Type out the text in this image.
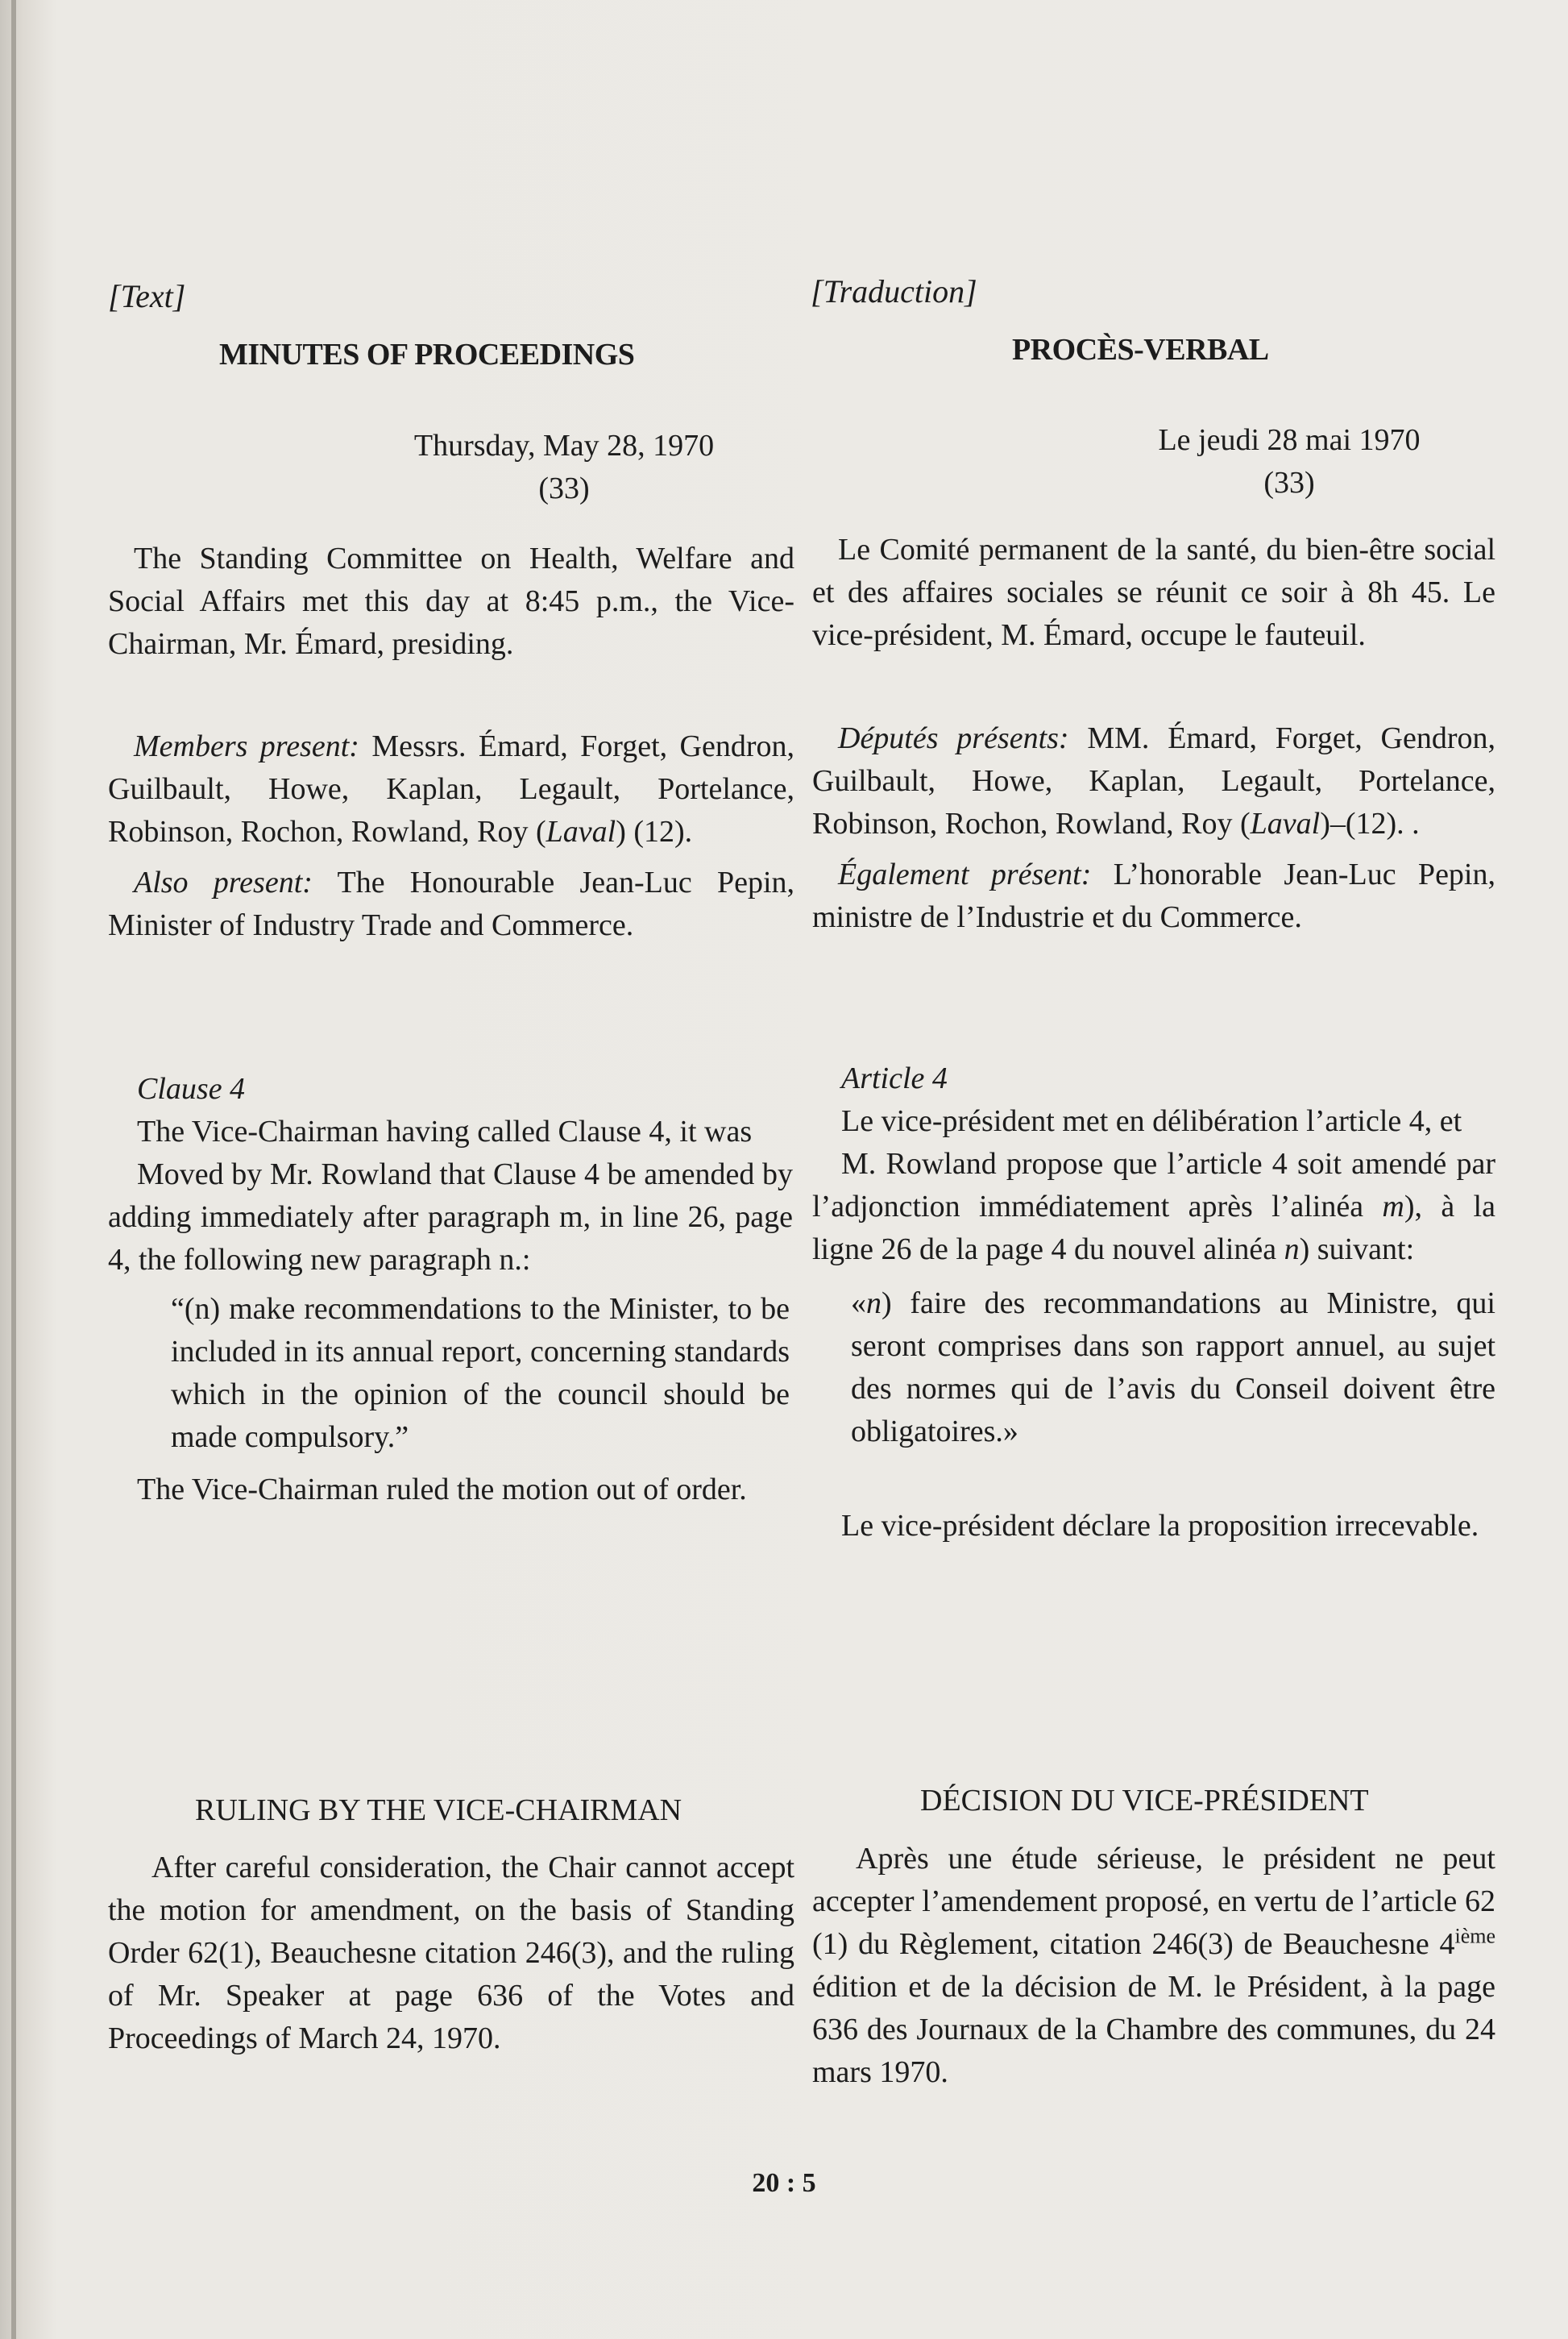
[Text]
MINUTES OF PROCEEDINGS
Thursday, May 28, 1970
(33)

The Standing Committee on Health, Welfare and Social Affairs met this day at 8:45 p.m., the Vice-Chairman, Mr. Émard, presiding.

Members present: Messrs. Émard, Forget, Gendron, Guilbault, Howe, Kaplan, Legault, Portelance, Robinson, Rochon, Rowland, Roy (Laval) (12).

Also present: The Honourable Jean-Luc Pepin, Minister of Industry Trade and Commerce.

Clause 4

The Vice-Chairman having called Clause 4, it was

Moved by Mr. Rowland that Clause 4 be amended by adding immediately after paragraph m, in line 26, page 4, the following new paragraph n.:

“(n) make recommendations to the Minister, to be included in its annual report, concerning standards which in the opinion of the council should be made compulsory.”

The Vice-Chairman ruled the motion out of order.

RULING BY THE VICE-CHAIRMAN

After careful consideration, the Chair cannot accept the motion for amendment, on the basis of Standing Order 62(1), Beauchesne citation 246(3), and the ruling of Mr. Speaker at page 636 of the Votes and Proceedings of March 24, 1970.

[Traduction]
PROCÈS-VERBAL
Le jeudi 28 mai 1970
(33)

Le Comité permanent de la santé, du bien-être social et des affaires sociales se réunit ce soir à 8h 45. Le vice-président, M. Émard, occupe le fauteuil.

Députés présents: MM. Émard, Forget, Gendron, Guilbault, Howe, Kaplan, Legault, Portelance, Robinson, Rochon, Rowland, Roy (Laval)–(12). .

Également présent: L’honorable Jean-Luc Pepin, ministre de l’Industrie et du Commerce.

Article 4

Le vice-président met en délibération l’article 4, et

M. Rowland propose que l’article 4 soit amendé par l’adjonction immédiatement après l’alinéa m), à la ligne 26 de la page 4 du nouvel alinéa n) suivant:

«n) faire des recommandations au Ministre, qui seront comprises dans son rapport annuel, au sujet des normes qui de l’avis du Conseil doivent être obligatoires.»

Le vice-président déclare la proposition irrecevable.

DÉCISION DU VICE-PRÉSIDENT

Après une étude sérieuse, le président ne peut accepter l’amendement proposé, en vertu de l’article 62 (1) du Règlement, citation 246(3) de Beauchesne 4ième édition et de la décision de M. le Président, à la page 636 des Journaux de la Chambre des communes, du 24 mars 1970.

20 : 5
